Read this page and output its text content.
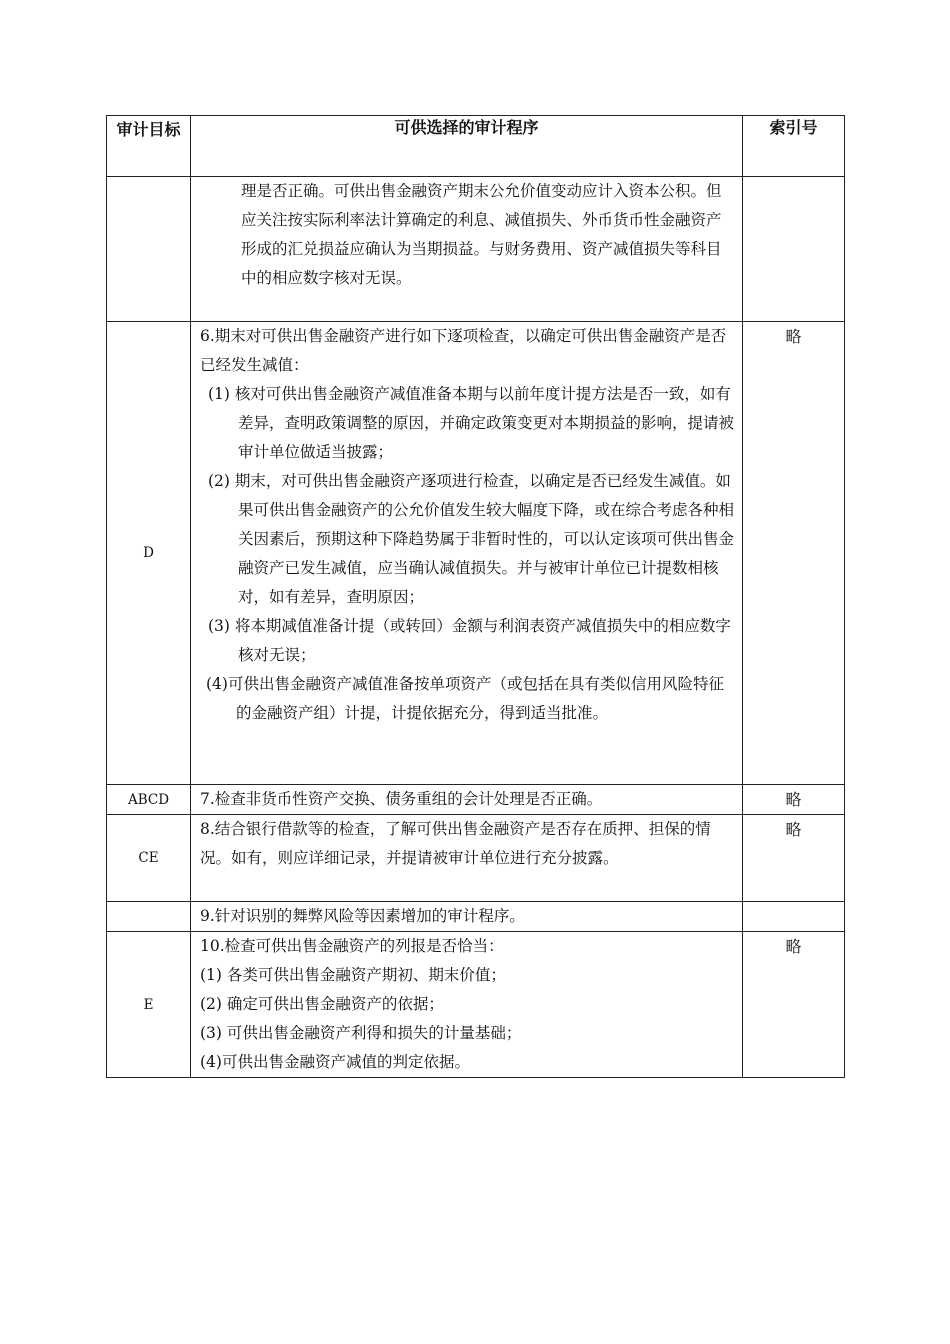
审计目标	可供选择的审计程序	索引号

	理是否正确。可供出售金融资产期末公允价值变动应计入资本公积。但应关注按实际利率法计算确定的利息、减值损失、外币货币性金融资产形成的汇兑损益应确认为当期损益。与财务费用、资产减值损失等科目中的相应数字核对无误。	

D	6.期末对可供出售金融资产进行如下逐项检查，以确定可供出售金融资产是否已经发生减值：

(1) 核对可供出售金融资产减值准备本期与以前年度计提方法是否一致，如有差异，查明政策调整的原因，并确定政策变更对本期损益的影响，提请被审计单位做适当披露；

(2) 期末，对可供出售金融资产逐项进行检查，以确定是否已经发生减值。如果可供出售金融资产的公允价值发生较大幅度下降，或在综合考虑各种相关因素后，预期这种下降趋势属于非暂时性的，可以认定该项可供出售金融资产已发生减值，应当确认减值损失。并与被审计单位已计提数相核对，如有差异，查明原因；

(3) 将本期减值准备计提（或转回）金额与利润表资产减值损失中的相应数字核对无误；

(4)可供出售金融资产减值准备按单项资产（或包括在具有类似信用风险特征的金融资产组）计提，计提依据充分，得到适当批准。	略
ABCD	7.检查非货币性资产交换、债务重组的会计处理是否正确。	略
CE	8.结合银行借款等的检查，了解可供出售金融资产是否存在质押、担保的情况。如有，则应详细记录，并提请被审计单位进行充分披露。	略

	9.针对识别的舞弊风险等因素增加的审计程序。	

E	10.检查可供出售金融资产的列报是否恰当：

(1) 各类可供出售金融资产期初、期末价值；

(2) 确定可供出售金融资产的依据；

(3) 可供出售金融资产利得和损失的计量基础；

(4)可供出售金融资产减值的判定依据。	略
